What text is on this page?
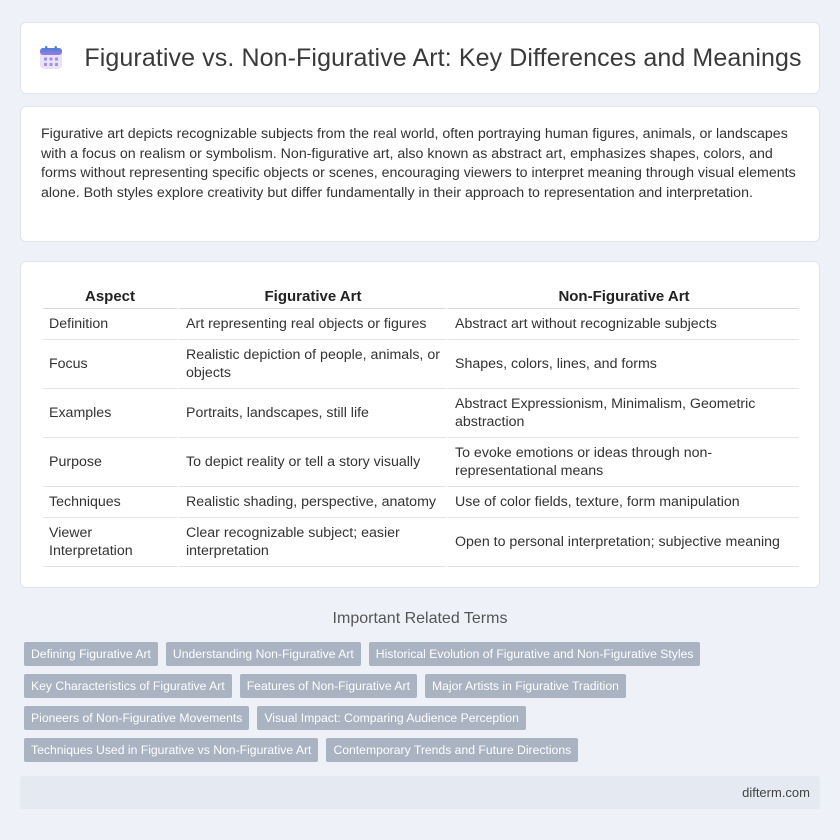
Figurative vs. Non-Figurative Art: Key Differences and Meanings

Figurative art depicts recognizable subjects from the real world, often portraying human figures, animals, or landscapes with a focus on realism or symbolism. Non-figurative art, also known as abstract art, emphasizes shapes, colors, and forms without representing specific objects or scenes, encouraging viewers to interpret meaning through visual elements alone. Both styles explore creativity but differ fundamentally in their approach to representation and interpretation.

Aspect	Figurative Art	Non-Figurative Art
Definition	Art representing real objects or figures	Abstract art without recognizable subjects
Focus	Realistic depiction of people, animals, or objects	Shapes, colors, lines, and forms
Examples	Portraits, landscapes, still life	Abstract Expressionism, Minimalism, Geometric abstraction
Purpose	To depict reality or tell a story visually	To evoke emotions or ideas through non-representational means
Techniques	Realistic shading, perspective, anatomy	Use of color fields, texture, form manipulation
Viewer Interpretation	Clear recognizable subject; easier interpretation	Open to personal interpretation; subjective meaning
Important Related Terms
Defining Figurative Art	Understanding Non-Figurative Art	Historical Evolution of Figurative and Non-Figurative Styles
Key Characteristics of Figurative Art	Features of Non-Figurative Art	Major Artists in Figurative Tradition
Pioneers of Non-Figurative Movements	Visual Impact: Comparing Audience Perception
Techniques Used in Figurative vs Non-Figurative Art	Contemporary Trends and Future Directions
difterm.com
